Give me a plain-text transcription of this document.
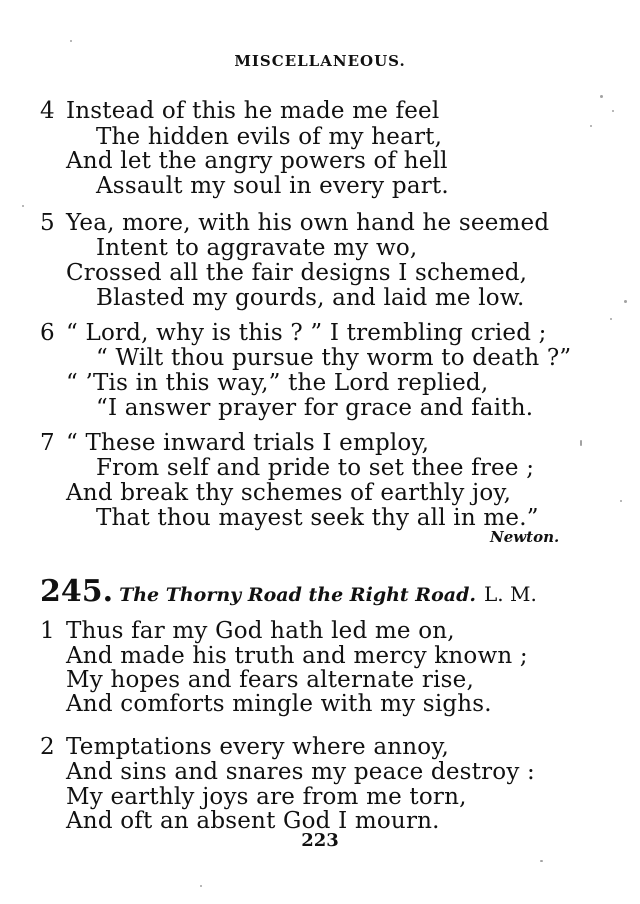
MISCELLANEOUS.
4 Instead of this he made me feel
The hidden evils of my heart,
And let the angry powers of hell
Assault my soul in every part.
5 Yea, more, with his own hand he seemed
Intent to aggravate my wo,
Crossed all the fair designs I schemed,
Blasted my gourds, and laid me low.
6 “ Lord, why is this ? ” I trembling cried ;
“ Wilt thou pursue thy worm to death ?”
“ ’Tis in this way,” the Lord replied,
“I answer prayer for grace and faith.
7 “ These inward trials I employ,
From self and pride to set thee free ;
And break thy schemes of earthly joy,
That thou mayest seek thy all in me.”
Newton.
245. The Thorny Road the Right Road. L. M.
1 Thus far my God hath led me on,
And made his truth and mercy known ;
My hopes and fears alternate rise,
And comforts mingle with my sighs.
2 Temptations every where annoy,
And sins and snares my peace destroy :
My earthly joys are from me torn,
And oft an absent God I mourn.
223
